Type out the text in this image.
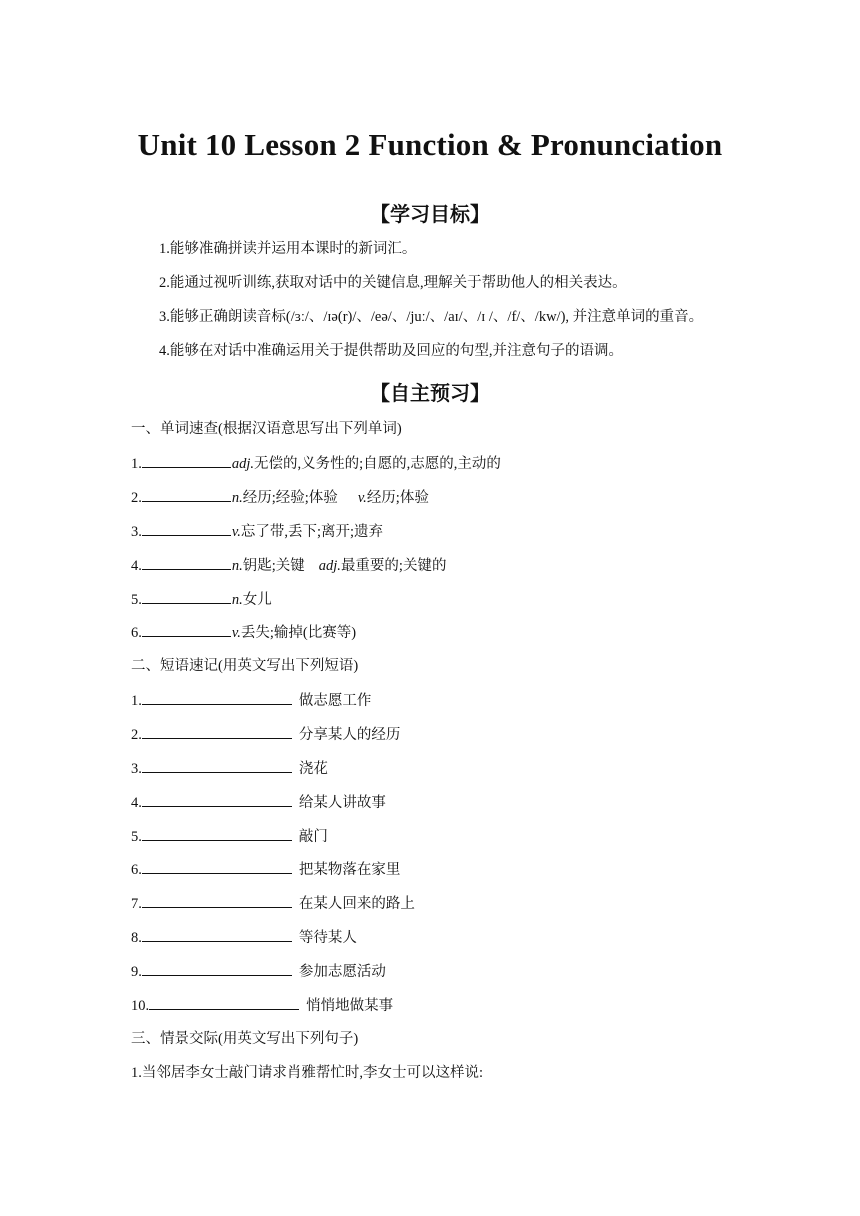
Unit 10 Lesson 2 Function & Pronunciation
【学习目标】
1.能够准确拼读并运用本课时的新词汇。
2.能通过视听训练,获取对话中的关键信息,理解关于帮助他人的相关表达。
3.能够正确朗读音标(/ɜː/、/ɪə(r)/、/eə/、/juː/、/aɪ/、/ɪ /、/f/、/kw/), 并注意单词的重音。
4.能够在对话中准确运用关于提供帮助及回应的句型,并注意句子的语调。
【自主预习】
一、单词速查(根据汉语意思写出下列单词)
1.	adj.无偿的,义务性的;自愿的,志愿的,主动的
2.	n.经历;经验;体验 v.经历;体验
3.	v.忘了带,丢下;离开;遗弃
4.	n.钥匙;关键 adj.最重要的;关键的
5.	n.女儿
6.	v.丢失;输掉(比赛等)
二、短语速记(用英文写出下列短语)
1.	做志愿工作
2.	分享某人的经历
3.	浇花
4.	给某人讲故事
5.	敲门
6.	把某物落在家里
7.	在某人回来的路上
8.	等待某人
9.	参加志愿活动
10.	悄悄地做某事
三、情景交际(用英文写出下列句子)
1.当邻居李女士敲门请求肖雅帮忙时,李女士可以这样说:
